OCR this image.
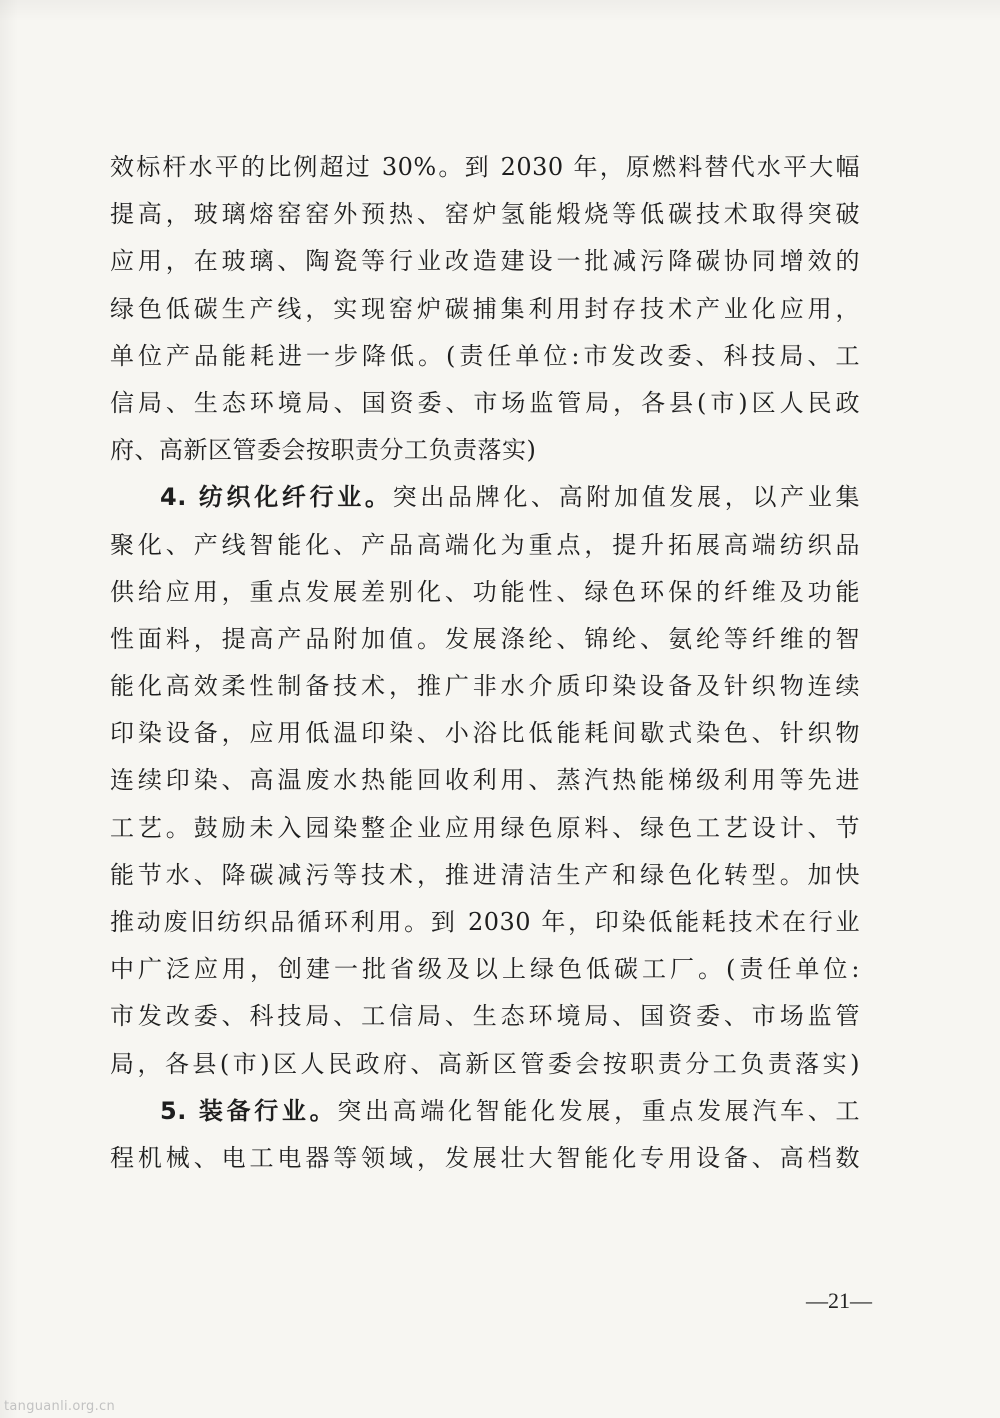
效标杆水平的比例超过 30%。到 2030 年，原燃料替代水平大幅
提高，玻璃熔窑窑外预热、窑炉氢能煅烧等低碳技术取得突破
应用，在玻璃、陶瓷等行业改造建设一批减污降碳协同增效的
绿色低碳生产线，实现窑炉碳捕集利用封存技术产业化应用，
单位产品能耗进一步降低。(责任单位:市发改委、科技局、工
信局、生态环境局、国资委、市场监管局，各县(市)区人民政
府、高新区管委会按职责分工负责落实)
4. 纺织化纤行业。突出品牌化、高附加值发展，以产业集
聚化、产线智能化、产品高端化为重点，提升拓展高端纺织品
供给应用，重点发展差别化、功能性、绿色环保的纤维及功能
性面料，提高产品附加值。发展涤纶、锦纶、氨纶等纤维的智
能化高效柔性制备技术，推广非水介质印染设备及针织物连续
印染设备，应用低温印染、小浴比低能耗间歇式染色、针织物
连续印染、高温废水热能回收利用、蒸汽热能梯级利用等先进
工艺。鼓励未入园染整企业应用绿色原料、绿色工艺设计、节
能节水、降碳减污等技术，推进清洁生产和绿色化转型。加快
推动废旧纺织品循环利用。到 2030 年，印染低能耗技术在行业
中广泛应用，创建一批省级及以上绿色低碳工厂。(责任单位:
市发改委、科技局、工信局、生态环境局、国资委、市场监管
局，各县(市)区人民政府、高新区管委会按职责分工负责落实)
5. 装备行业。突出高端化智能化发展，重点发展汽车、工
程机械、电工电器等领域，发展壮大智能化专用设备、高档数
—21—
tanguanli.org.cn
